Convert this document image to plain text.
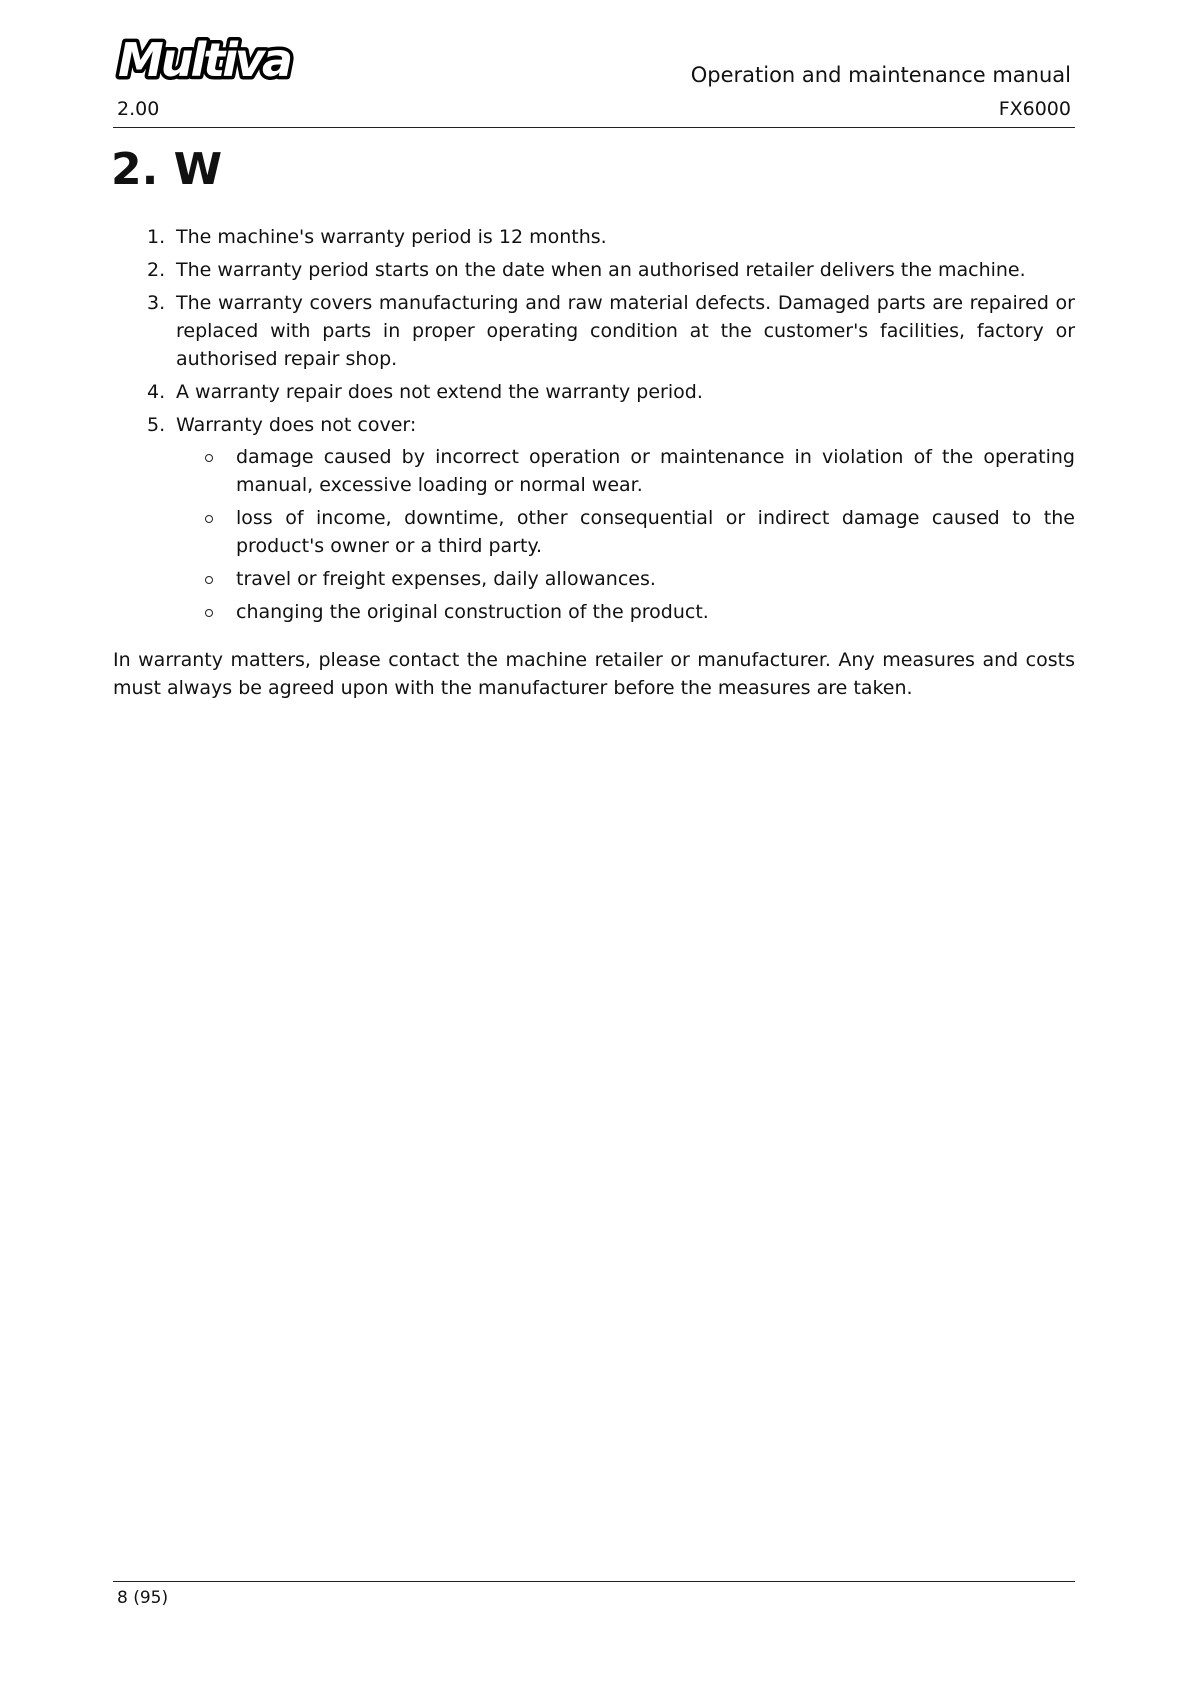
Multiva	Operation and maintenance manual
2.00	FX6000
2. W
1. The machine's warranty period is 12 months.
2. The warranty period starts on the date when an authorised retailer delivers the machine.
3. The warranty covers manufacturing and raw material defects. Damaged parts are repaired or replaced with parts in proper operating condition at the customer's facilities, factory or authorised repair shop.
4. A warranty repair does not extend the warranty period.
5. Warranty does not cover:
damage caused by incorrect operation or maintenance in violation of the operating manual, excessive loading or normal wear.
loss of income, downtime, other consequential or indirect damage caused to the product's owner or a third party.
travel or freight expenses, daily allowances.
changing the original construction of the product.

In warranty matters, please contact the machine retailer or manufacturer. Any measures and costs must always be agreed upon with the manufacturer before the measures are taken.

8 (95)
